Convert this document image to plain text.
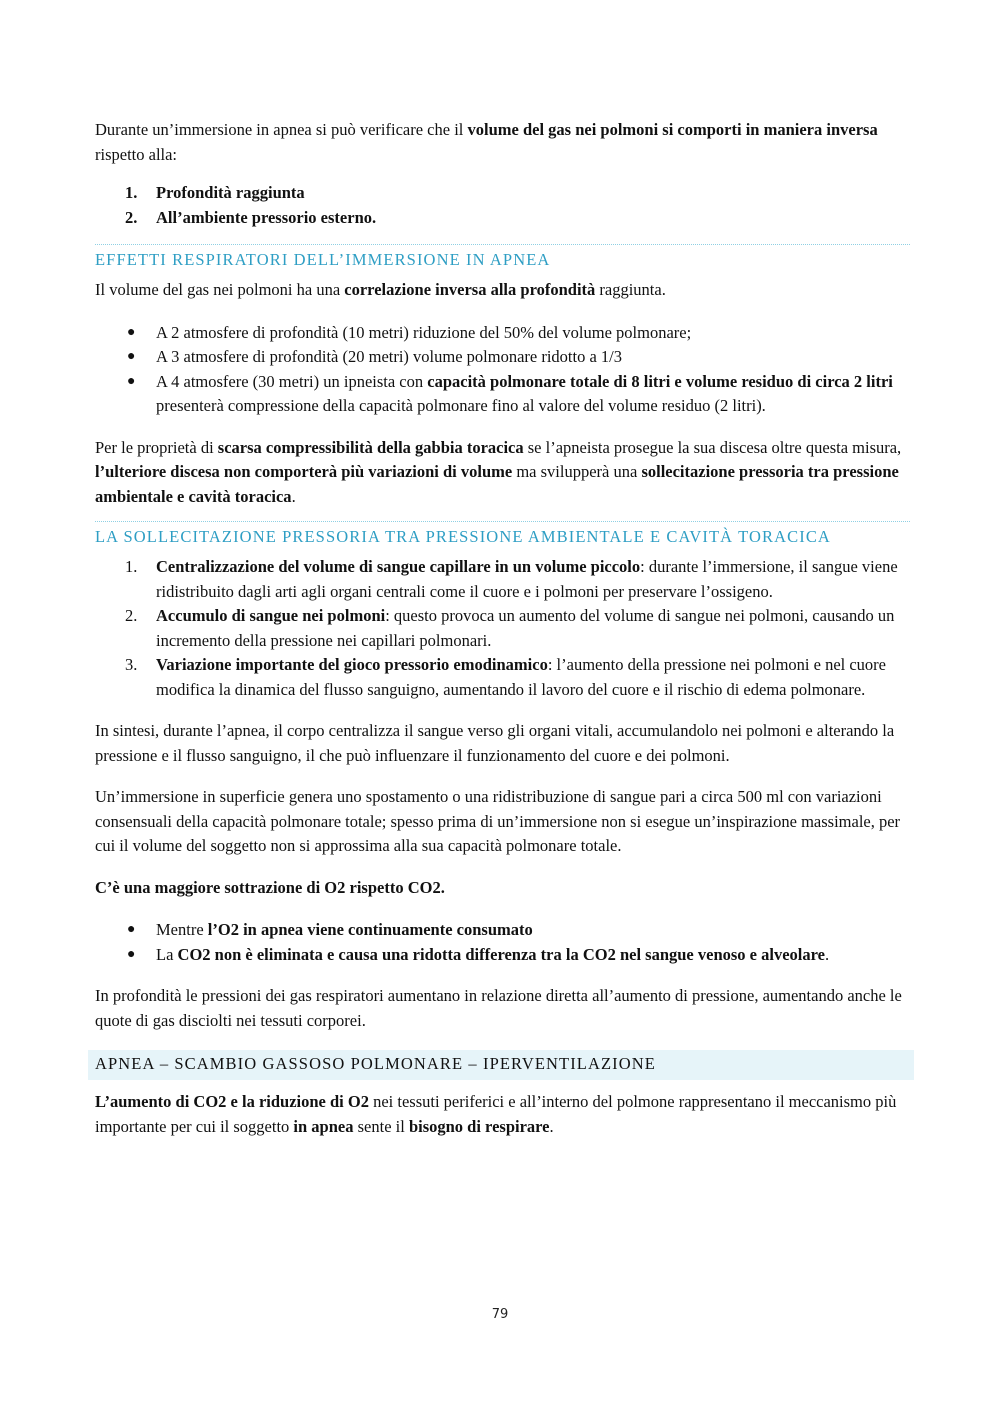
Durante un’immersione in apnea si può verificare che il volume del gas nei polmoni si comporti in maniera inversa rispetto alla:

1. Profondità raggiunta
2. All’ambiente pressorio esterno.
EFFETTI RESPIRATORI DELL’IMMERSIONE IN APNEA

Il volume del gas nei polmoni ha una correlazione inversa alla profondità raggiunta.

● A 2 atmosfere di profondità (10 metri) riduzione del 50% del volume polmonare;
● A 3 atmosfere di profondità (20 metri) volume polmonare ridotto a 1/3
● A 4 atmosfere (30 metri) un ipneista con capacità polmonare totale di 8 litri e volume residuo di circa 2 litri presenterà compressione della capacità polmonare fino al valore del volume residuo (2 litri).

Per le proprietà di scarsa compressibilità della gabbia toracica se l’apneista prosegue la sua discesa oltre questa misura, l’ulteriore discesa non comporterà più variazioni di volume ma svilupperà una sollecitazione pressoria tra pressione ambientale e cavità toracica.

LA SOLLECITAZIONE PRESSORIA TRA PRESSIONE AMBIENTALE E CAVITÀ TORACICA
1. Centralizzazione del volume di sangue capillare in un volume piccolo: durante l’immersione, il sangue viene ridistribuito dagli arti agli organi centrali come il cuore e i polmoni per preservare l’ossigeno.
2. Accumulo di sangue nei polmoni: questo provoca un aumento del volume di sangue nei polmoni, causando un incremento della pressione nei capillari polmonari.
3. Variazione importante del gioco pressorio emodinamico: l’aumento della pressione nei polmoni e nel cuore modifica la dinamica del flusso sanguigno, aumentando il lavoro del cuore e il rischio di edema polmonare.

In sintesi, durante l’apnea, il corpo centralizza il sangue verso gli organi vitali, accumulandolo nei polmoni e alterando la pressione e il flusso sanguigno, il che può influenzare il funzionamento del cuore e dei polmoni.

Un’immersione in superficie genera uno spostamento o una ridistribuzione di sangue pari a circa 500 ml con variazioni consensuali della capacità polmonare totale; spesso prima di un’immersione non si esegue un’inspirazione massimale, per cui il volume del soggetto non si approssima alla sua capacità polmonare totale.

C’è una maggiore sottrazione di O2 rispetto CO2.

● Mentre l’O2 in apnea viene continuamente consumato
● La CO2 non è eliminata e causa una ridotta differenza tra la CO2 nel sangue venoso e alveolare.

In profondità le pressioni dei gas respiratori aumentano in relazione diretta all’aumento di pressione, aumentando anche le quote di gas disciolti nei tessuti corporei.

APNEA – SCAMBIO GASSOSO POLMONARE – IPERVENTILAZIONE

L’aumento di CO2 e la riduzione di O2 nei tessuti periferici e all’interno del polmone rappresentano il meccanismo più importante per cui il soggetto in apnea sente il bisogno di respirare.

79
